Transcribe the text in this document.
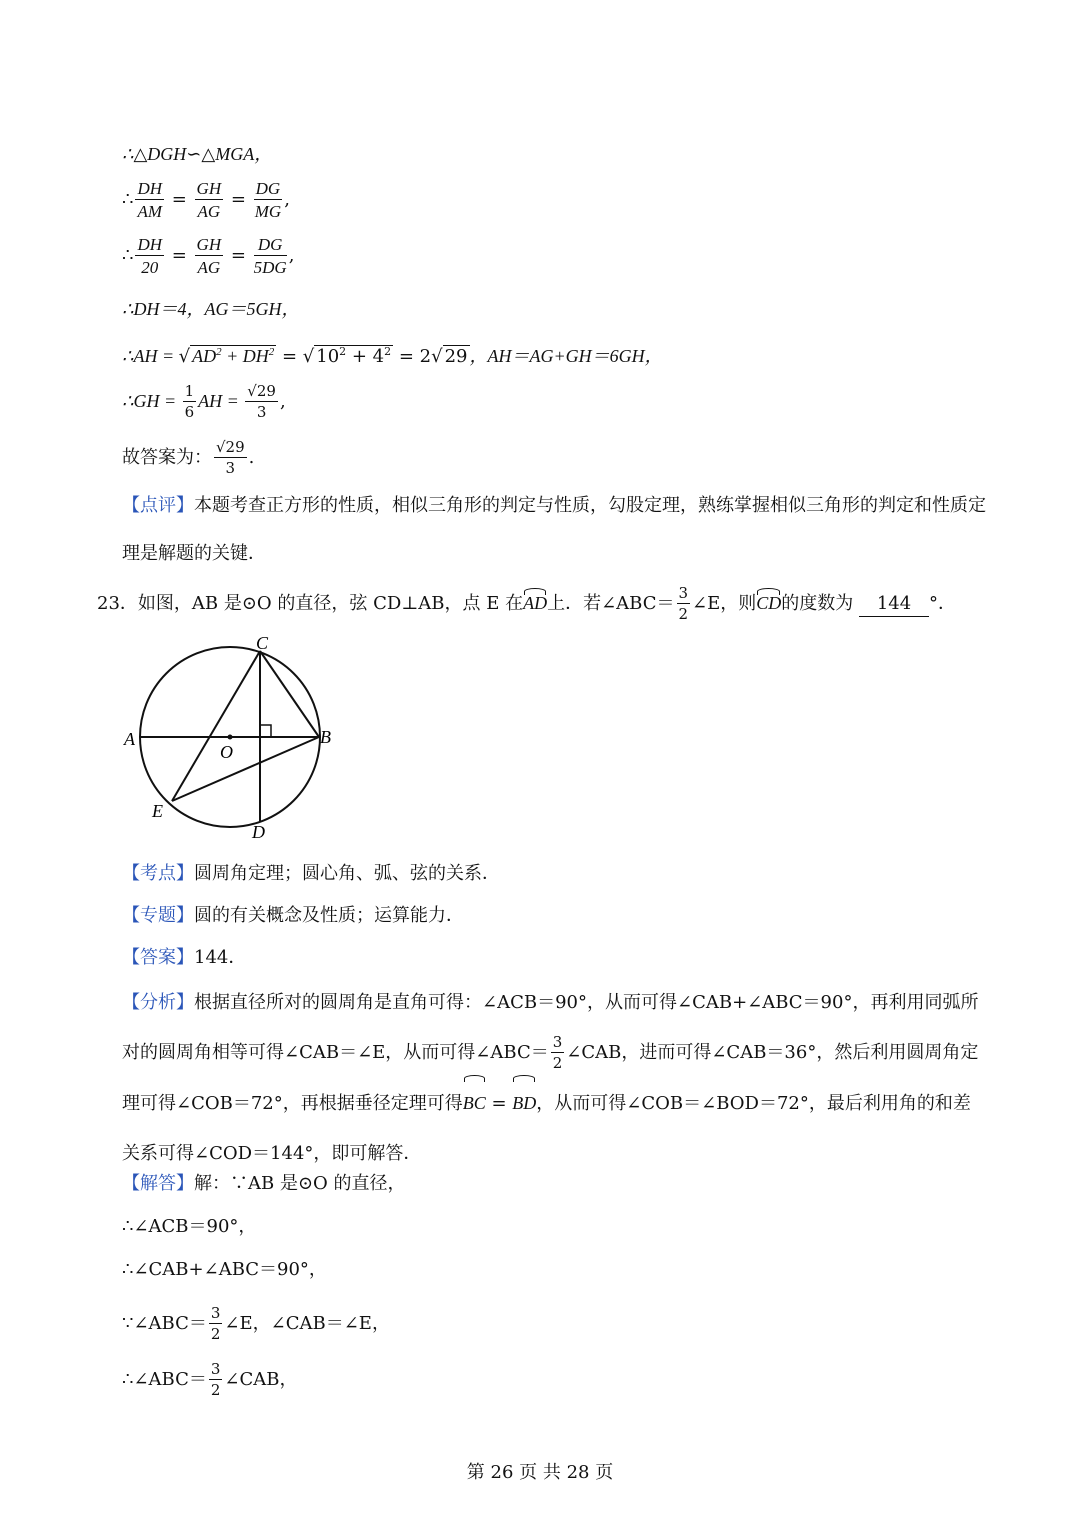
∴△DGH∽△MGA，
∴ $\frac{DH}{AM} = \frac{GH}{AG} = \frac{DG}{MG}$ ,
∴ $\frac{DH}{20} = \frac{GH}{AG} = \frac{DG}{5DG}$ ,
∴DH＝4，AG＝5GH，
∴AH = √ $AD^2 + DH^2$ = √ $10^2 + 4^2 = 2√$ 29 ，AH＝AG+GH＝6GH，
∴GH = $\frac{1}{6}$ AH = $\frac{√29}{3}$ ,
故答案为： $\frac{√29}{3}$ .
【点评】本题考查正方形的性质，相似三角形的判定与性质，勾股定理，熟练掌握相似三角形的判定和性质定理是解题的关键．
23．如图，AB 是⊙O 的直径，弦 CD⊥AB，点 E 在AD上．若∠ABC＝ $\frac{3}{2}$ ∠E，则CD的度数为 144 °．
A	B
C
D
E
O
【考点】圆周角定理；圆心角、弧、弦的关系．
【专题】圆的有关概念及性质；运算能力．
【答案】144．
【分析】根据直径所对的圆周角是直角可得：∠ACB＝90°，从而可得∠CAB+∠ABC＝90°，再利用同弧所对的圆周角相等可得∠CAB＝∠E，从而可得∠ABC＝ $\frac{3}{2}$ ∠CAB，进而可得∠CAB＝36°，然后利用圆周角定理可得∠COB＝72°，再根据垂径定理可得BC = BD，从而可得∠COB＝∠BOD＝72°，最后利用角的和差关系可得∠COD＝144°，即可解答．
【解答】解：∵AB 是⊙O 的直径，
∴∠ACB＝90°，
∴∠CAB+∠ABC＝90°，
∵∠ABC＝ $\frac{3}{2}$ ∠E，∠CAB＝∠E，
∴∠ABC＝ $\frac{3}{2}$ ∠CAB，
第 26 页 共 28 页
